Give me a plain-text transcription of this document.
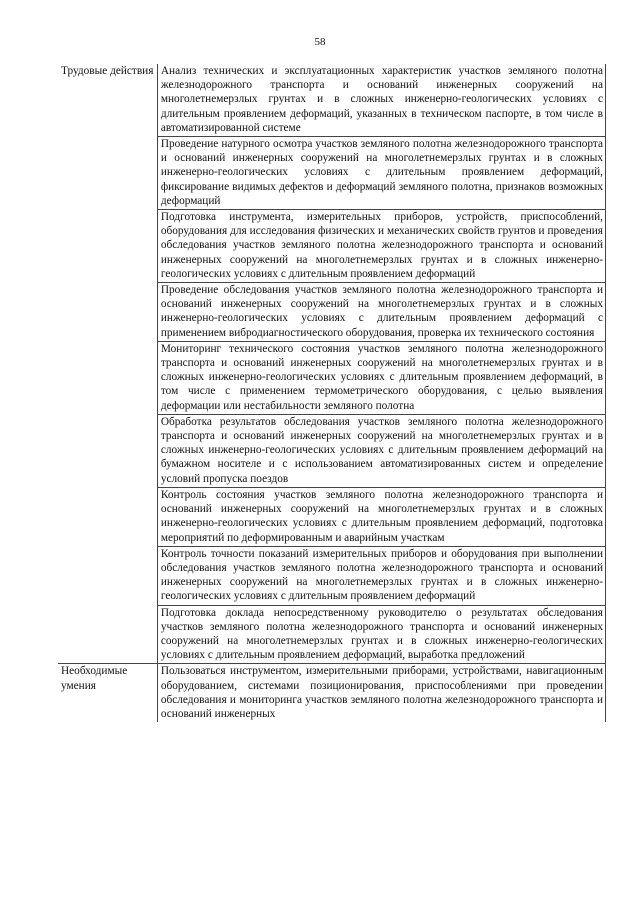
58
Трудовые действия	Анализ технических и эксплуатационных характеристик участков земляного полотна железнодорожного транспорта и оснований инженерных сооружений на многолетнемерзлых грунтах и в сложных инженерно-геологических условиях с длительным проявлением деформаций, указанных в техническом паспорте, в том числе в автоматизированной системе
	Проведение натурного осмотра участков земляного полотна железнодорожного транспорта и оснований инженерных сооружений на многолетнемерзлых грунтах и в сложных инженерно-геологических условиях с длительным проявлением деформаций, фиксирование видимых дефектов и деформаций земляного полотна, признаков возможных деформаций
	Подготовка инструмента, измерительных приборов, устройств, приспособлений, оборудования для исследования физических и механических свойств грунтов и проведения обследования участков земляного полотна железнодорожного транспорта и оснований инженерных сооружений на многолетнемерзлых грунтах и в сложных инженерно-геологических условиях с длительным проявлением деформаций
	Проведение обследования участков земляного полотна железнодорожного транспорта и оснований инженерных сооружений на многолетнемерзлых грунтах и в сложных инженерно-геологических условиях с длительным проявлением деформаций с применением вибродиагностического оборудования, проверка их технического состояния
	Мониторинг технического состояния участков земляного полотна железнодорожного транспорта и оснований инженерных сооружений на многолетнемерзлых грунтах и в сложных инженерно-геологических условиях с длительным проявлением деформаций, в том числе с применением термометрического оборудования, с целью выявления деформации или нестабильности земляного полотна
	Обработка результатов обследования участков земляного полотна железнодорожного транспорта и оснований инженерных сооружений на многолетнемерзлых грунтах и в сложных инженерно-геологических условиях с длительным проявлением деформаций на бумажном носителе и с использованием автоматизированных систем и определение условий пропуска поездов
	Контроль состояния участков земляного полотна железнодорожного транспорта и оснований инженерных сооружений на многолетнемерзлых грунтах и в сложных инженерно-геологических условиях с длительным проявлением деформаций, подготовка мероприятий по деформированным и аварийным участкам
	Контроль точности показаний измерительных приборов и оборудования при выполнении обследования участков земляного полотна железнодорожного транспорта и оснований инженерных сооружений на многолетнемерзлых грунтах и в сложных инженерно-геологических условиях с длительным проявлением деформаций
	Подготовка доклада непосредственному руководителю о результатах обследования участков земляного полотна железнодорожного транспорта и оснований инженерных сооружений на многолетнемерзлых грунтах и в сложных инженерно-геологических условиях с длительным проявлением деформаций, выработка предложений

Необходимые умения	Пользоваться инструментом, измерительными приборами, устройствами, навигационным оборудованием, системами позиционирования, приспособлениями при проведении обследования и мониторинга участков земляного полотна железнодорожного транспорта и оснований инженерных
